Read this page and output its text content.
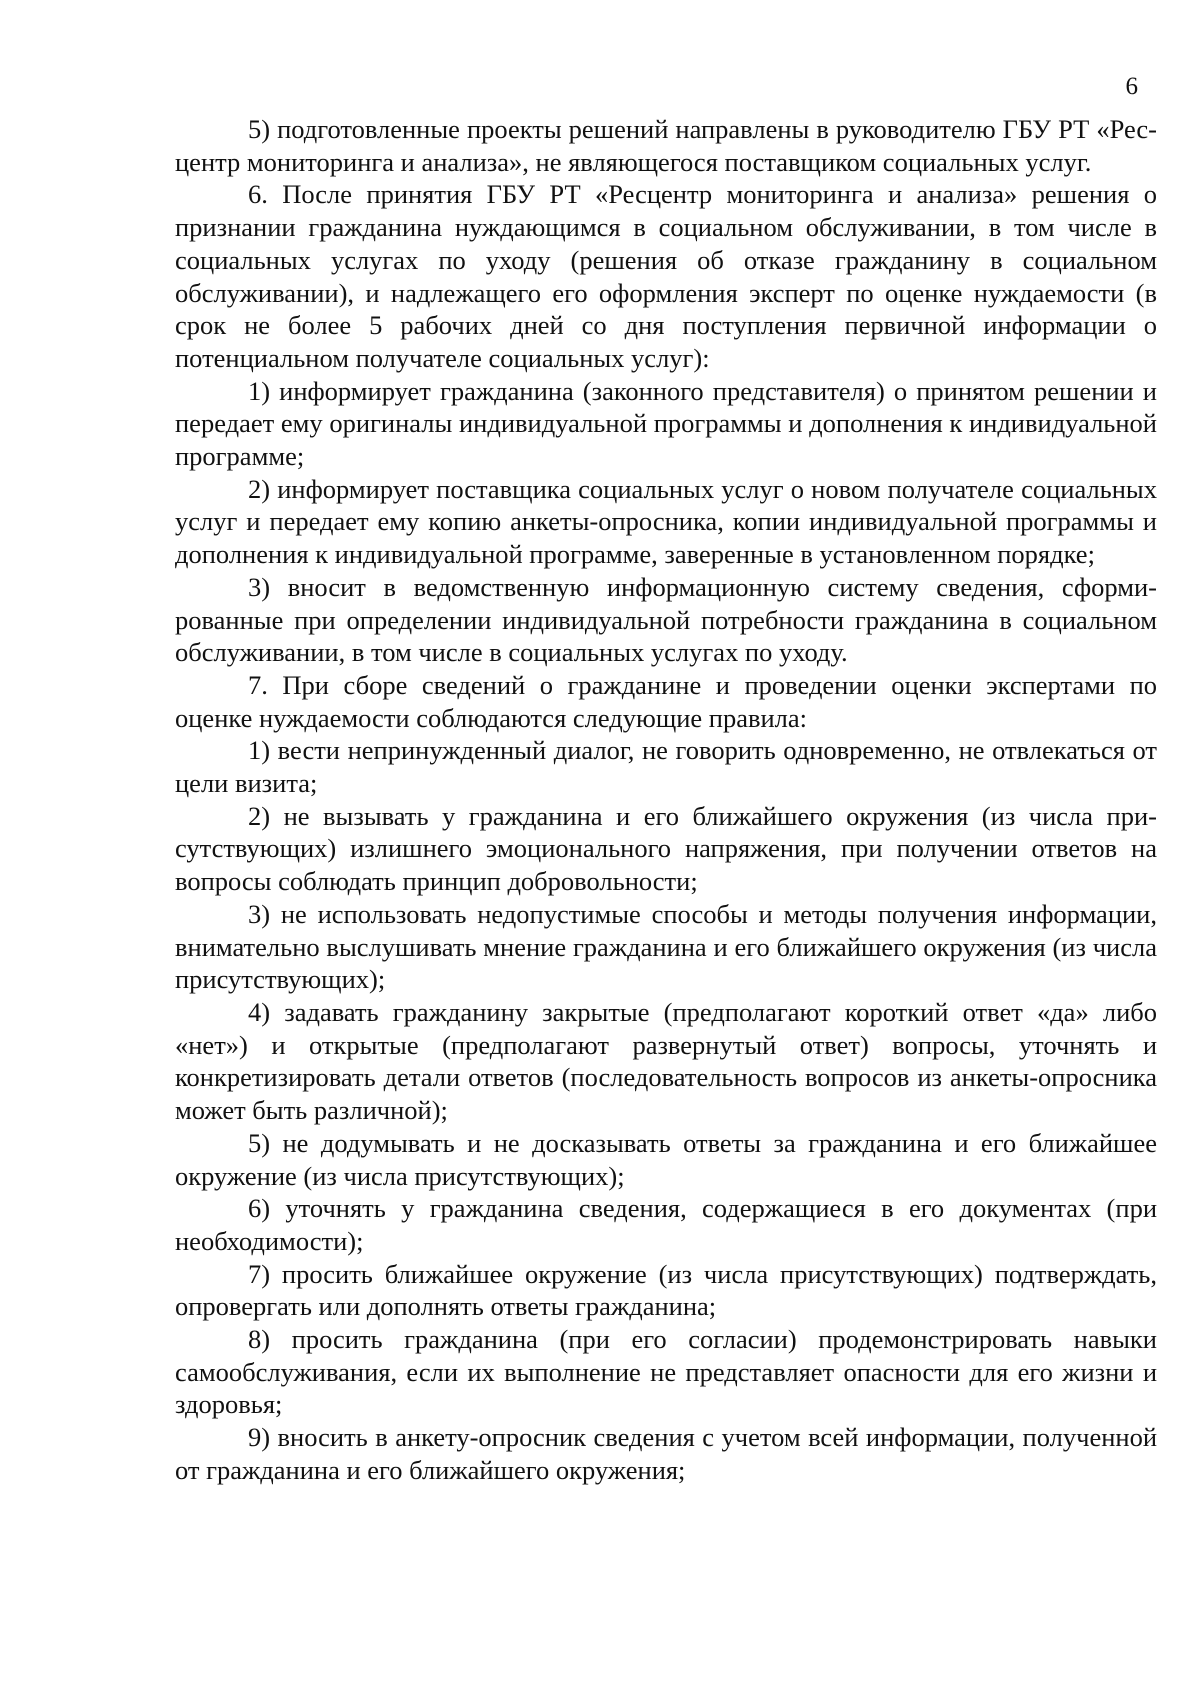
6

5) подготовленные проекты решений направлены в руководителю ГБУ РТ «Ресцентр мониторинга и анализа», не являющегося поставщиком социальных услуг.

6. После принятия ГБУ РТ «Ресцентр мониторинга и анализа» решения о признании гражданина нуждающимся в социальном обслуживании, в том числе в социальных услугах по уходу (решения об отказе гражданину в социальном обслуживании), и надлежащего его оформления эксперт по оценке нуждаемости (в срок не более 5 рабочих дней со дня поступления первичной информации о потенциальном получателе социальных услуг):

1) информирует гражданина (законного представителя) о принятом решении и передает ему оригиналы индивидуальной программы и дополнения к индивидуальной программе;

2) информирует поставщика социальных услуг о новом получателе социальных услуг и передает ему копию анкеты-опросника, копии индивидуальной программы и дополнения к индивидуальной программе, заверенные в установленном порядке;

3) вносит в ведомственную информационную систему сведения, сформированные при определении индивидуальной потребности гражданина в социальном обслуживании, в том числе в социальных услугах по уходу.

7. При сборе сведений о гражданине и проведении оценки экспертами по оценке нуждаемости соблюдаются следующие правила:

1) вести непринужденный диалог, не говорить одновременно, не отвлекаться от цели визита;

2) не вызывать у гражданина и его ближайшего окружения (из числа присутствующих) излишнего эмоционального напряжения, при получении ответов на вопросы соблюдать принцип добровольности;

3) не использовать недопустимые способы и методы получения информации, внимательно выслушивать мнение гражданина и его ближайшего окружения (из числа присутствующих);

4) задавать гражданину закрытые (предполагают короткий ответ «да» либо «нет») и открытые (предполагают развернутый ответ) вопросы, уточнять и конкретизировать детали ответов (последовательность вопросов из анкеты-опросника может быть различной);

5) не додумывать и не досказывать ответы за гражданина и его ближайшее окружение (из числа присутствующих);

6) уточнять у гражданина сведения, содержащиеся в его документах (при необходимости);

7) просить ближайшее окружение (из числа присутствующих) подтверждать, опровергать или дополнять ответы гражданина;

8) просить гражданина (при его согласии) продемонстрировать навыки самообслуживания, если их выполнение не представляет опасности для его жизни и здоровья;

9) вносить в анкету-опросник сведения с учетом всей информации, полученной от гражданина и его ближайшего окружения;
